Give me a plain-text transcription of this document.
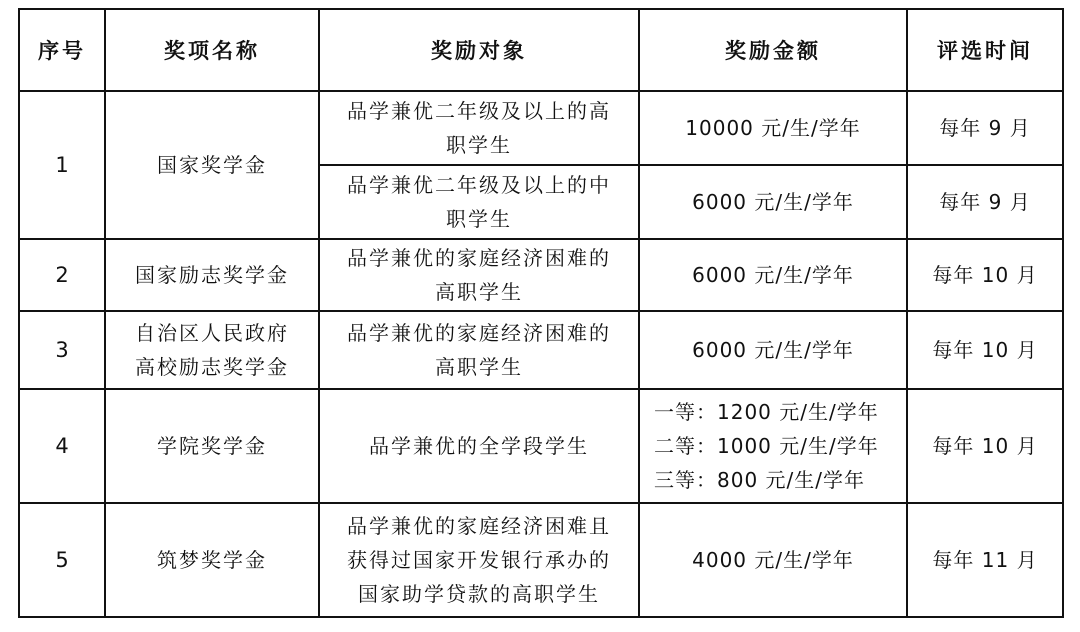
序号	奖项名称	奖励对象	奖励金额	评选时间
1	国家奖学金	品学兼优二年级及以上的高
职学生	10000 元/生/学年	每年 9 月
		品学兼优二年级及以上的中
职学生	6000 元/生/学年	每年 9 月
2	国家励志奖学金	品学兼优的家庭经济困难的
高职学生	6000 元/生/学年	每年 10 月
3	自治区人民政府
高校励志奖学金	品学兼优的家庭经济困难的
高职学生	6000 元/生/学年	每年 10 月
4	学院奖学金	品学兼优的全学段学生	一等：1200 元/生/学年
二等：1000 元/生/学年
三等：800 元/生/学年	每年 10 月
5	筑梦奖学金	品学兼优的家庭经济困难且
获得过国家开发银行承办的
国家助学贷款的高职学生	4000 元/生/学年	每年 11 月
